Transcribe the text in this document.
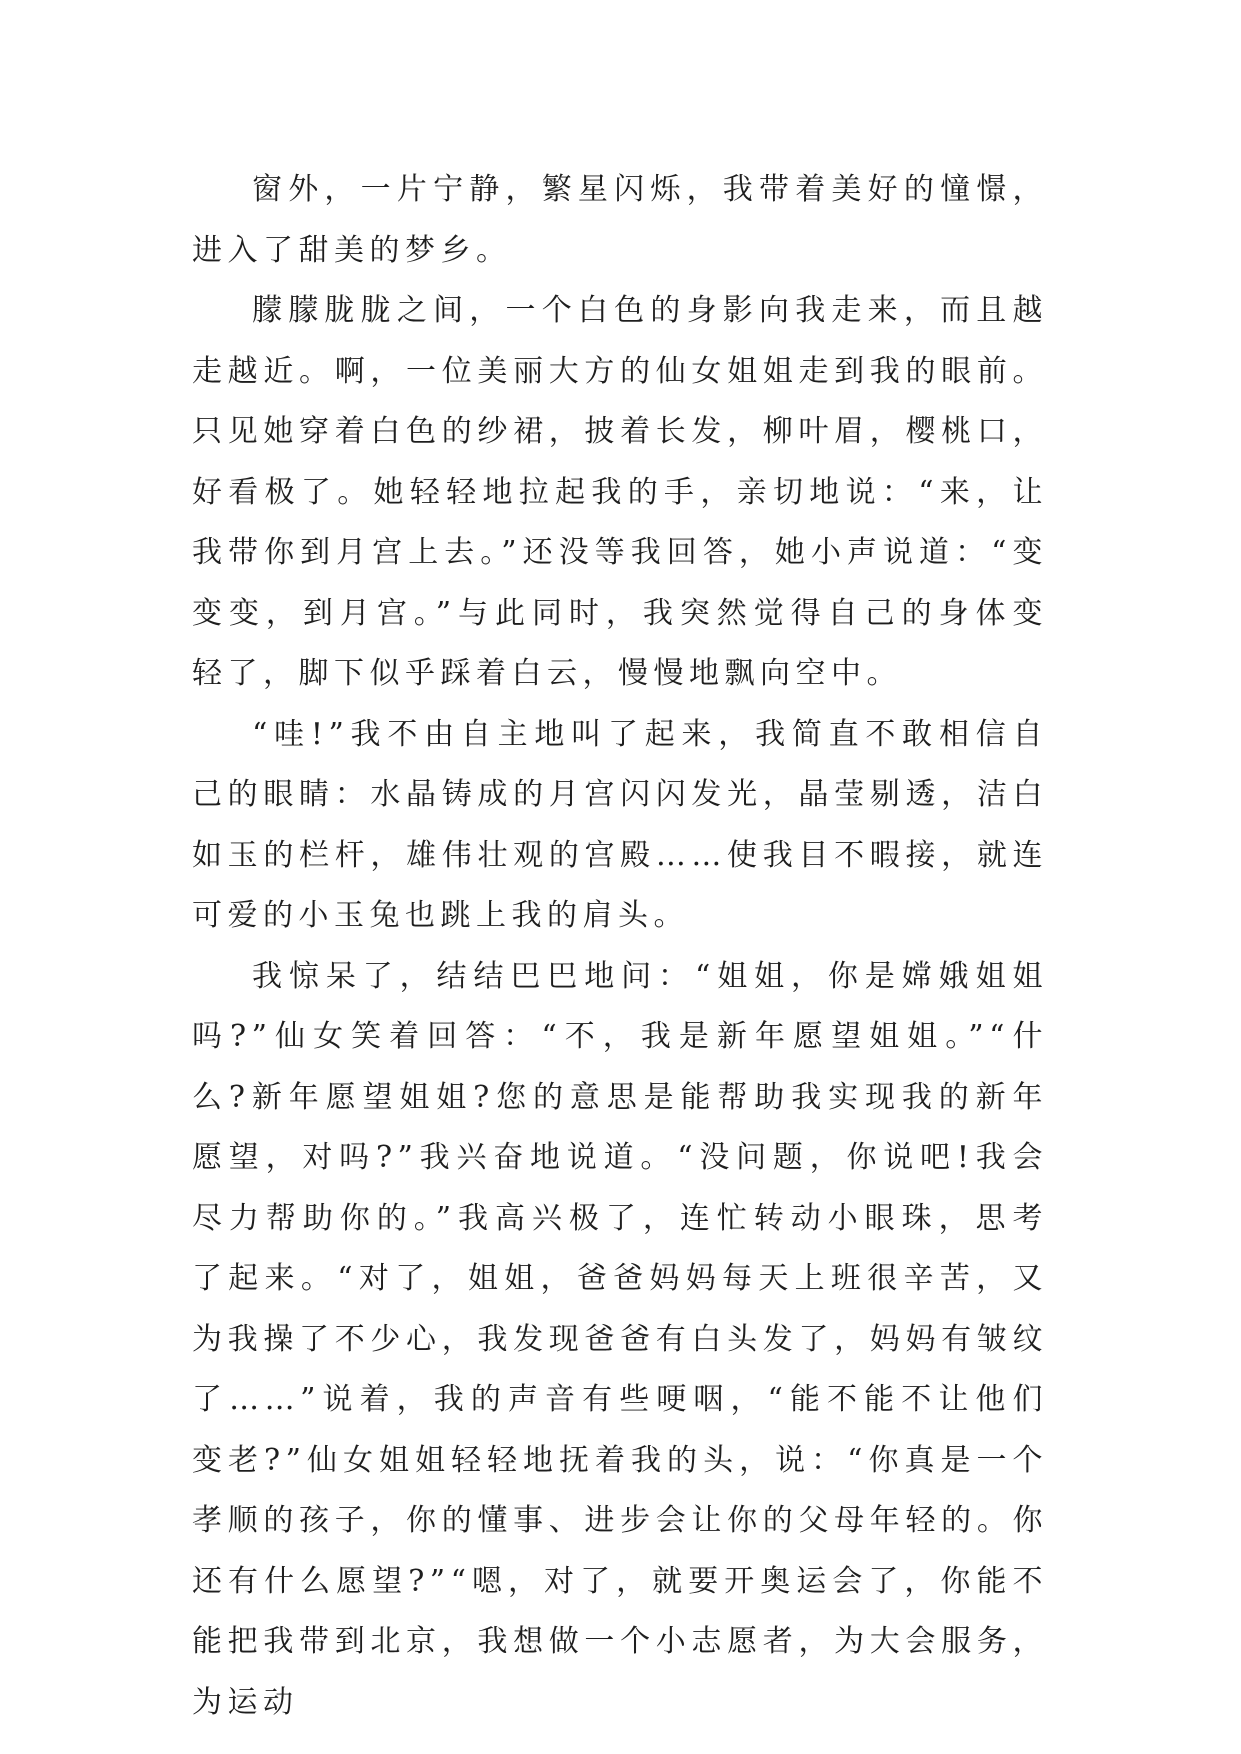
窗外，一片宁静，繁星闪烁，我带着美好的憧憬，进入了甜美的梦乡。

朦朦胧胧之间，一个白色的身影向我走来，而且越走越近。啊，一位美丽大方的仙女姐姐走到我的眼前。只见她穿着白色的纱裙，披着长发，柳叶眉，樱桃口，好看极了。她轻轻地拉起我的手，亲切地说：“来，让我带你到月宫上去。”还没等我回答，她小声说道：“变变变，到月宫。”与此同时，我突然觉得自己的身体变轻了，脚下似乎踩着白云，慢慢地飘向空中。

“哇!”我不由自主地叫了起来，我简直不敢相信自己的眼睛：水晶铸成的月宫闪闪发光，晶莹剔透，洁白如玉的栏杆，雄伟壮观的宫殿……使我目不暇接，就连可爱的小玉兔也跳上我的肩头。

我惊呆了，结结巴巴地问：“姐姐，你是嫦娥姐姐吗?”仙女笑着回答：“不，我是新年愿望姐姐。”“什么?新年愿望姐姐?您的意思是能帮助我实现我的新年愿望，对吗?”我兴奋地说道。“没问题，你说吧!我会尽力帮助你的。”我高兴极了，连忙转动小眼珠，思考了起来。“对了，姐姐，爸爸妈妈每天上班很辛苦，又为我操了不少心，我发现爸爸有白头发了，妈妈有皱纹了……”说着，我的声音有些哽咽，“能不能不让他们变老?”仙女姐姐轻轻地抚着我的头，说：“你真是一个孝顺的孩子，你的懂事、进步会让你的父母年轻的。你还有什么愿望?”“嗯，对了，就要开奥运会了，你能不能把我带到北京，我想做一个小志愿者，为大会服务，为运动
